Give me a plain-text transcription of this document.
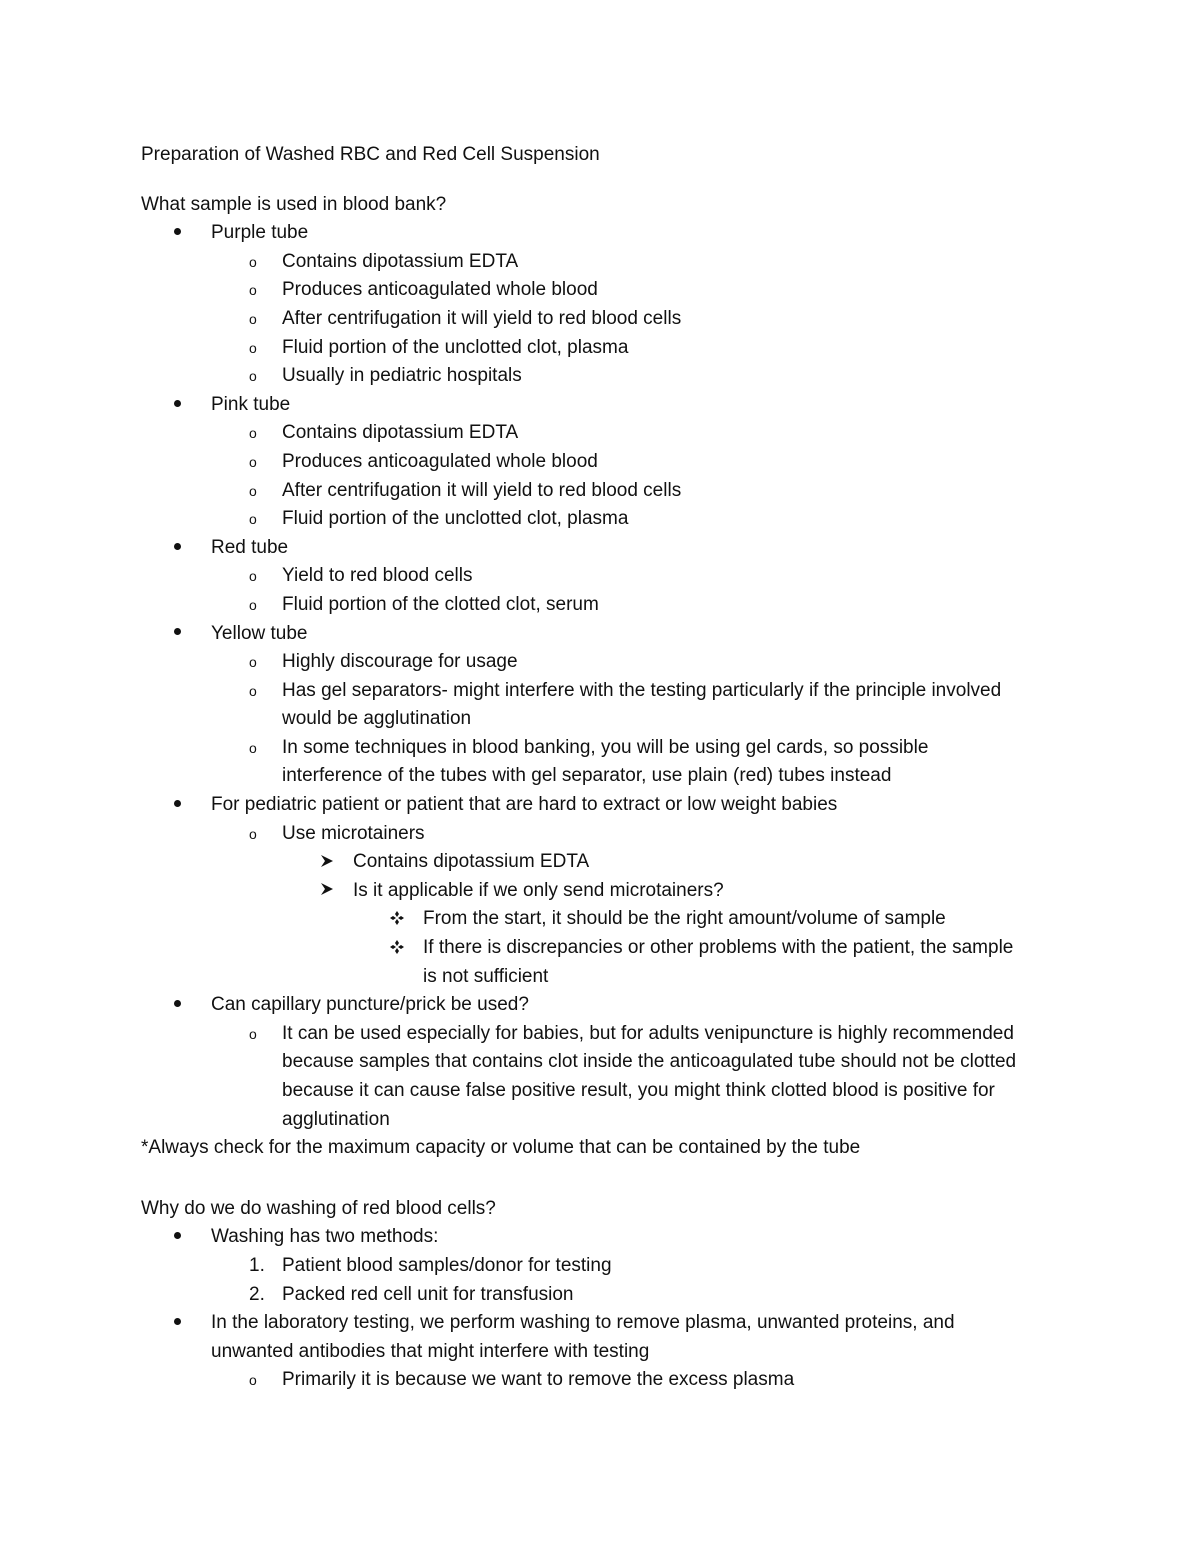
Preparation of Washed RBC and Red Cell Suspension
What sample is used in blood bank?
Purple tube
o	Contains dipotassium EDTA
o	Produces anticoagulated whole blood
o	After centrifugation it will yield to red blood cells
o	Fluid portion of the unclotted clot, plasma
o	Usually in pediatric hospitals
Pink tube
o	Contains dipotassium EDTA
o	Produces anticoagulated whole blood
o	After centrifugation it will yield to red blood cells
o	Fluid portion of the unclotted clot, plasma
Red tube
o	Yield to red blood cells
o	Fluid portion of the clotted clot, serum
Yellow tube
o	Highly discourage for usage
o	Has gel separators- might interfere with the testing particularly if the principle involved
would be agglutination
o	In some techniques in blood banking, you will be using gel cards, so possible
interference of the tubes with gel separator, use plain (red) tubes instead
For pediatric patient or patient that are hard to extract or low weight babies
o	Use microtainers
Contains dipotassium EDTA
Is it applicable if we only send microtainers?
From the start, it should be the right amount/volume of sample
If there is discrepancies or other problems with the patient, the sample
is not sufficient
Can capillary puncture/prick be used?
o	It can be used especially for babies, but for adults venipuncture is highly recommended
because samples that contains clot inside the anticoagulated tube should not be clotted
because it can cause false positive result, you might think clotted blood is positive for
agglutination
*Always check for the maximum capacity or volume that can be contained by the tube
Why do we do washing of red blood cells?
Washing has two methods:
1. Patient blood samples/donor for testing
2. Packed red cell unit for transfusion
In the laboratory testing, we perform washing to remove plasma, unwanted proteins, and
unwanted antibodies that might interfere with testing
o	Primarily it is because we want to remove the excess plasma
